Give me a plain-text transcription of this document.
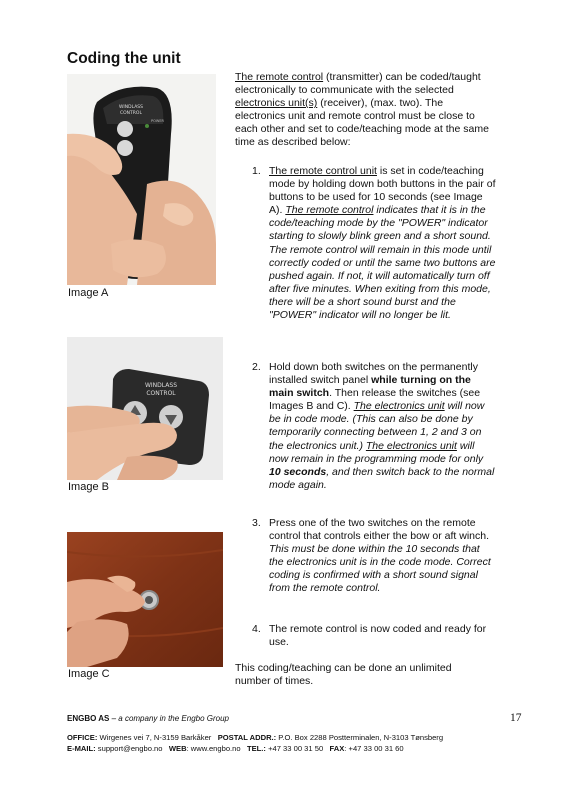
Coding the unit
WINDLASS
CONTROL
POWER

Image A

WINDLASS
CONTROL

Image B

Image C

The remote control (transmitter) can be coded/taught electronically to communicate with the selected electronics unit(s) (receiver), (max. two). The electronics unit and remote control must be close to each other and set to code/teaching mode at the same time as described below:

1. The remote control unit is set in code/teaching mode by holding down both buttons in the pair of buttons to be used for 10 seconds (see Image A). The remote control indicates that it is in the code/teaching mode by the "POWER" indicator starting to slowly blink green and a short sound. The remote control will remain in this mode until correctly coded or until the same two buttons are pushed again. If not, it will automatically turn off after five minutes. When exiting from this mode, there will be a short sound burst and the "POWER" indicator will no longer be lit.
2. Hold down both switches on the permanently installed switch panel while turning on the main switch. Then release the switches (see Images B and C). The electronics unit will now be in code mode. (This can also be done by temporarily connecting between 1, 2 and 3 on the electronics unit.) The electronics unit will now remain in the programming mode for only 10 seconds, and then switch back to the normal mode again.
3. Press one of the two switches on the remote control that controls either the bow or aft winch. This must be done within the 10 seconds that the electronics unit is in the code mode. Correct coding is confirmed with a short sound signal from the remote control.
4. The remote control is now coded and ready for use.

This coding/teaching can be done an unlimited number of times.

ENGBO AS – a company in the Engbo Group	17

OFFICE: Wirgenes vei 7, N-3159 Barkåker POSTAL ADDR.: P.O. Box 2288 Postterminalen, N-3103 Tønsberg

E-MAIL: support@engbo.no WEB: www.engbo.no TEL.: +47 33 00 31 50 FAX: +47 33 00 31 60
